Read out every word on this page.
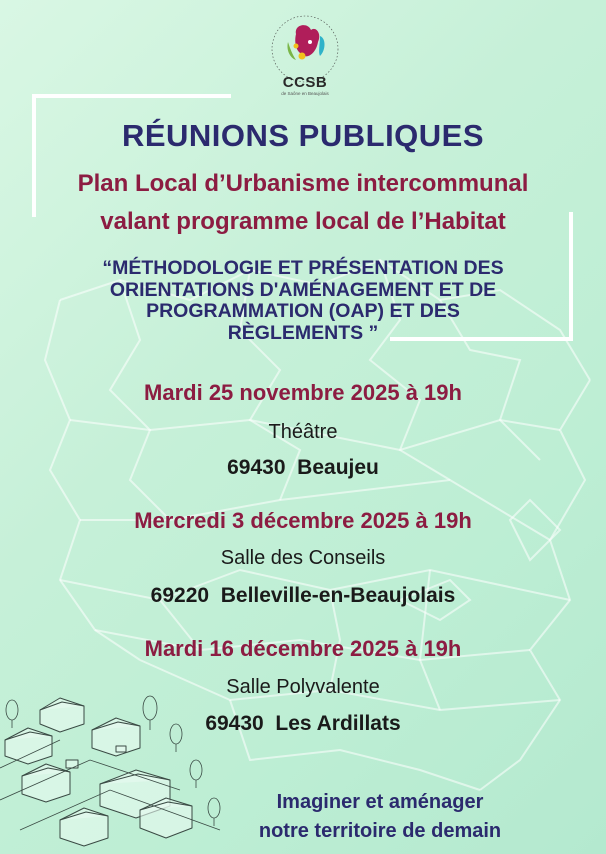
CCSB
de Saône en Beaujolais
RÉUNIONS PUBLIQUES
Plan Local d’Urbanisme intercommunal
valant programme local de l’Habitat
“MÉTHODOLOGIE ET PRÉSENTATION DES
ORIENTATIONS D'AMÉNAGEMENT ET DE
PROGRAMMATION (OAP) ET DES
RÈGLEMENTS ”
Mardi 25 novembre 2025 à 19h
Théâtre
69430  Beaujeu
Mercredi 3 décembre 2025 à 19h
Salle des Conseils
69220  Belleville-en-Beaujolais
Mardi 16 décembre 2025 à 19h
Salle Polyvalente
69430  Les Ardillats
Imaginer et aménager
notre territoire de demain
